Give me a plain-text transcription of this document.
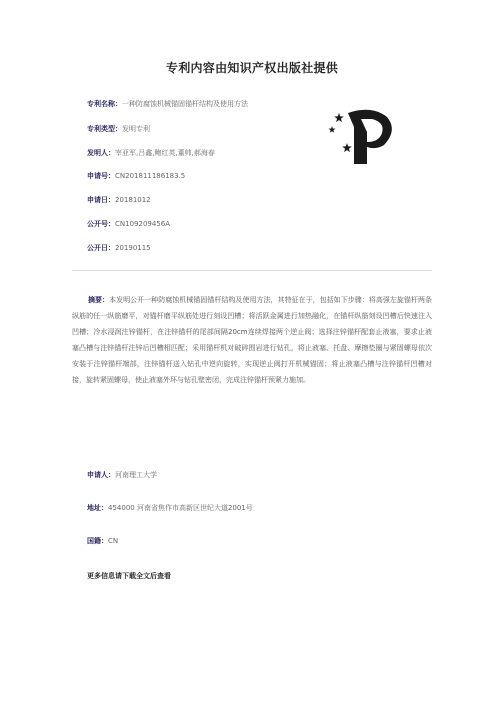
专利内容由知识产权出版社提供
专利名称：一种防腐蚀机械锚固锚杆结构及使用方法
专利类型：发明专利
发明人：宰亚军,吕鑫,鲍红英,董帅,郝海春
申请号：CN201811186183.5
申请日：20181012
公开号：CN109209456A
公开日：20190115
摘要：本发明公开一种防腐蚀机械锚固锚杆结构及使用方法，其特征在于，包括如下步骤：将高强左旋锚杆两条纵筋的任一纵筋磨平，对锚杆磨平纵筋处进行刻设凹槽；将活跃金属进行加热融化，在锚杆纵筋刻设凹槽后快速注入凹槽；冷水浸润注锌锚杆，在注锌锚杆的尾部间隔20cm连续焊接两个逆止阀；选择注锌锚杆配套止液塞，要求止液塞凸槽与注锌锚杆注锌后凹槽相匹配；采用锚杆机对破碎围岩进行钻孔，将止液塞、托盘、摩擦垫圈与紧固螺母依次安装于注锌锚杆端部，注锌锚杆送入钻孔中逆向旋转，实现逆止阀打开机械锚固；将止液塞凸槽与注锌锚杆凹槽对接，旋转紧固螺母，使止液塞外环与钻孔壁密闭，完成注锌锚杆预紧力施加。
申请人：河南理工大学
地址：454000 河南省焦作市高新区世纪大道2001号
国籍：CN
更多信息请下载全文后查看
